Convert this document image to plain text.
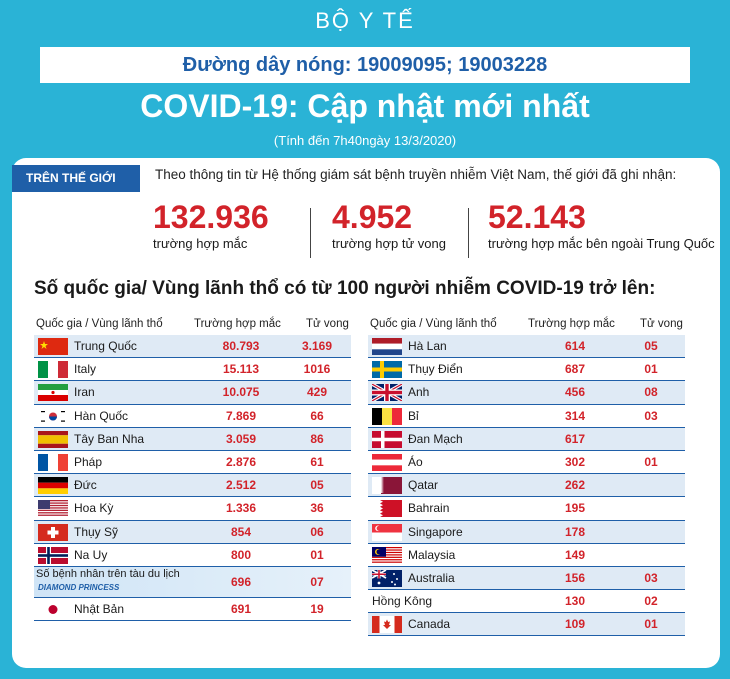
BỘ Y TẾ
Đường dây nóng: 19009095; 19003228
COVID-19: Cập nhật mới nhất
(Tính đến 7h40ngày 13/3/2020)
TRÊN THẾ GIỚI	Theo thông tin từ Hệ thống giám sát bệnh truyền nhiễm Việt Nam, thế giới đã ghi nhận:
132.936
trường hợp mắc
4.952
trường hợp tử vong
52.143
trường hợp mắc bên ngoài Trung Quốc
Số quốc gia/ Vùng lãnh thổ có từ 100 người nhiễm COVID-19 trở lên:
Quốc gia / Vùng lãnh thổ	Trường hợp mắc Tử vong
Trung Quốc	80.793	3.169
Italy	15.113	1016
Iran	10.075	429
Hàn Quốc	7.869	66
Tây Ban Nha	3.059	86
Pháp	2.876	61
Đức	2.512	05
Hoa Kỳ	1.336	36
Thụy Sỹ	854	06
Na Uy	800	01
Số bệnh nhân trên tàu du lịch
DIAMOND PRINCESS	696	07
Nhật Bản	691	19
Quốc gia / Vùng lãnh thổ	Trường hợp mắc Tử vong
Hà Lan	614	05
Thụy Điển	687	01
Anh	456	08
Bỉ	314	03
Đan Mạch	617
Áo	302	01
Qatar	262
Bahrain	195
Singapore	178
Malaysia	149
Australia	156	03
Hồng Kông	130	02
Canada	109	01
